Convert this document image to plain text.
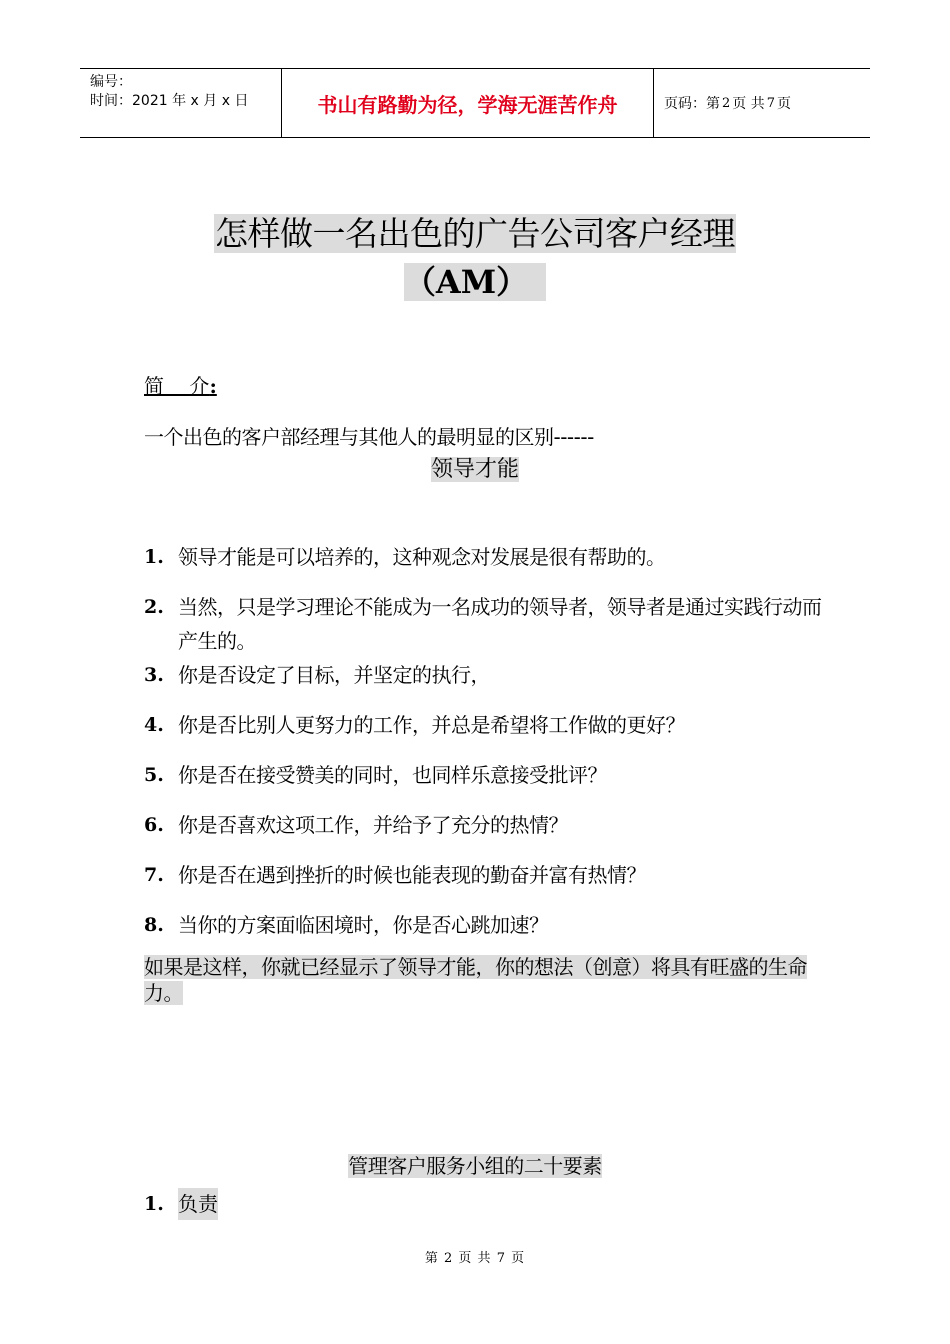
编号：
时间：2021 年 x 月 x 日	书山有路勤为径，学海无涯苦作舟	页码：第 2 页 共 7 页
怎样做一名出色的广告公司客户经理
（AM）
简    介:
一个出色的客户部经理与其他人的最明显的区别------
领导才能
1. 领导才能是可以培养的，这种观念对发展是很有帮助的。
2. 当然，只是学习理论不能成为一名成功的领导者，领导者是通过实践行动而产生的。
3. 你是否设定了目标，并坚定的执行，
4. 你是否比别人更努力的工作，并总是希望将工作做的更好？
5. 你是否在接受赞美的同时，也同样乐意接受批评？
6. 你是否喜欢这项工作，并给予了充分的热情？
7. 你是否在遇到挫折的时候也能表现的勤奋并富有热情？
8. 当你的方案面临困境时，你是否心跳加速？
如果是这样，你就已经显示了领导才能，你的想法（创意）将具有旺盛的生命力。
管理客户服务小组的二十要素
1. 负责
第 2 页 共 7 页
